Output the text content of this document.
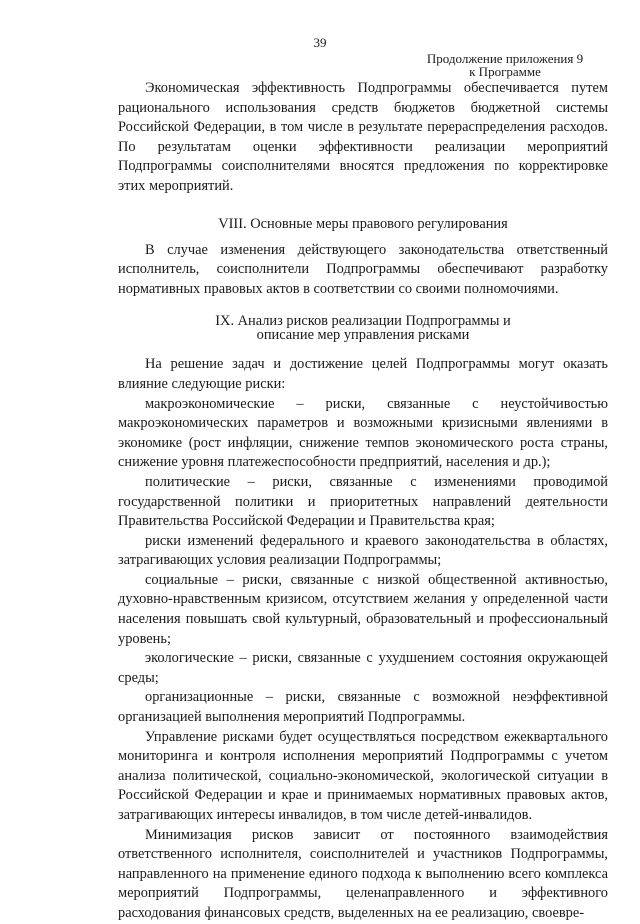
39
Продолжение приложения 9
к Программе

Экономическая эффективность Подпрограммы обеспечивается путем рационального использования средств бюджетов бюджетной системы Российской Федерации, в том числе в результате перераспределения расходов. По результатам оценки эффективности реализации мероприятий Подпрограммы соисполнителями вносятся предложения по корректировке этих мероприятий.

VIII. Основные меры правового регулирования

В случае изменения действующего законодательства ответственный исполнитель, соисполнители Подпрограммы обеспечивают разработку нормативных правовых актов в соответствии со своими полномочиями.

IX. Анализ рисков реализации Подпрограммы и
описание мер управления рисками

На решение задач и достижение целей Подпрограммы могут оказать влияние следующие риски:

макроэкономические – риски, связанные с неустойчивостью макроэкономических параметров и возможными кризисными явлениями в экономике (рост инфляции, снижение темпов экономического роста страны, снижение уровня платежеспособности предприятий, населения и др.);

политические – риски, связанные с изменениями проводимой государственной политики и приоритетных направлений деятельности Правительства Российской Федерации и Правительства края;

риски изменений федерального и краевого законодательства в областях, затрагивающих условия реализации Подпрограммы;

социальные – риски, связанные с низкой общественной активностью, духовно-нравственным кризисом, отсутствием желания у определенной части населения повышать свой культурный, образовательный и профессиональный уровень;

экологические – риски, связанные с ухудшением состояния окружающей среды;

организационные – риски, связанные с возможной неэффективной организацией выполнения мероприятий Подпрограммы.

Управление рисками будет осуществляться посредством ежеквартального мониторинга и контроля исполнения мероприятий Подпрограммы с учетом анализа политической, социально-экономической, экологической ситуации в Российской Федерации и крае и принимаемых нормативных правовых актов, затрагивающих интересы инвалидов, в том числе детей-инвалидов.

Минимизация рисков зависит от постоянного взаимодействия ответственного исполнителя, соисполнителей и участников Подпрограммы, направленного на применение единого подхода к выполнению всего комплекса мероприятий Подпрограммы, целенаправленного и эффективного расходования финансовых средств, выделенных на ее реализацию, своевре-
